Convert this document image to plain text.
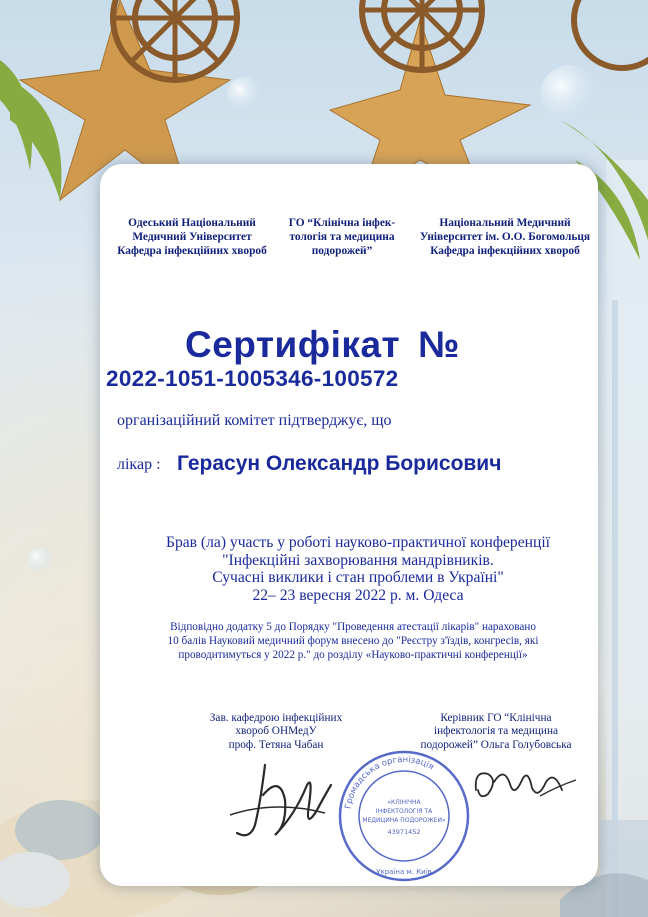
Одеський Національний Медичний Університет Кафедра інфекційних хвороб
ГО “Клінічна інфек-тологія та медицина подорожей”
Національний Медичний Університет ім. О.О. Богомольця Кафедра інфекційних хвороб
Сертифікат №
2022-1051-1005346-100572
організаційний комітет підтверджує, що
лікар : Герасун Олександр Борисович
Брав (ла) участь у роботі науково-практичної конференції
"Інфекційні захворювання мандрівників.
Сучасні виклики і стан проблеми в Україні"
22– 23 вересня 2022 р. м. Одеса
Відповідно додатку 5 до Порядку "Проведення атестації лікарів" нараховано
10 балів Науковий медичний форум внесено до "Реєстру з'їздів, конгресів, які
проводитимуться у 2022 р." до розділу «Науково-практичні конференції»
Зав. кафедрою інфекційних
хвороб ОНМедУ
проф. Тетяна Чабан
Керівник ГО “Клінічна
інфектологія та медицина
подорожей” Ольга Голубовська
Громадська організація
«КЛІНІЧНА
ІНФЕКТОЛОГІЯ ТА
МЕДИЦИНА ПОДОРОЖЕЙ»
43971452
Україна м. Київ
